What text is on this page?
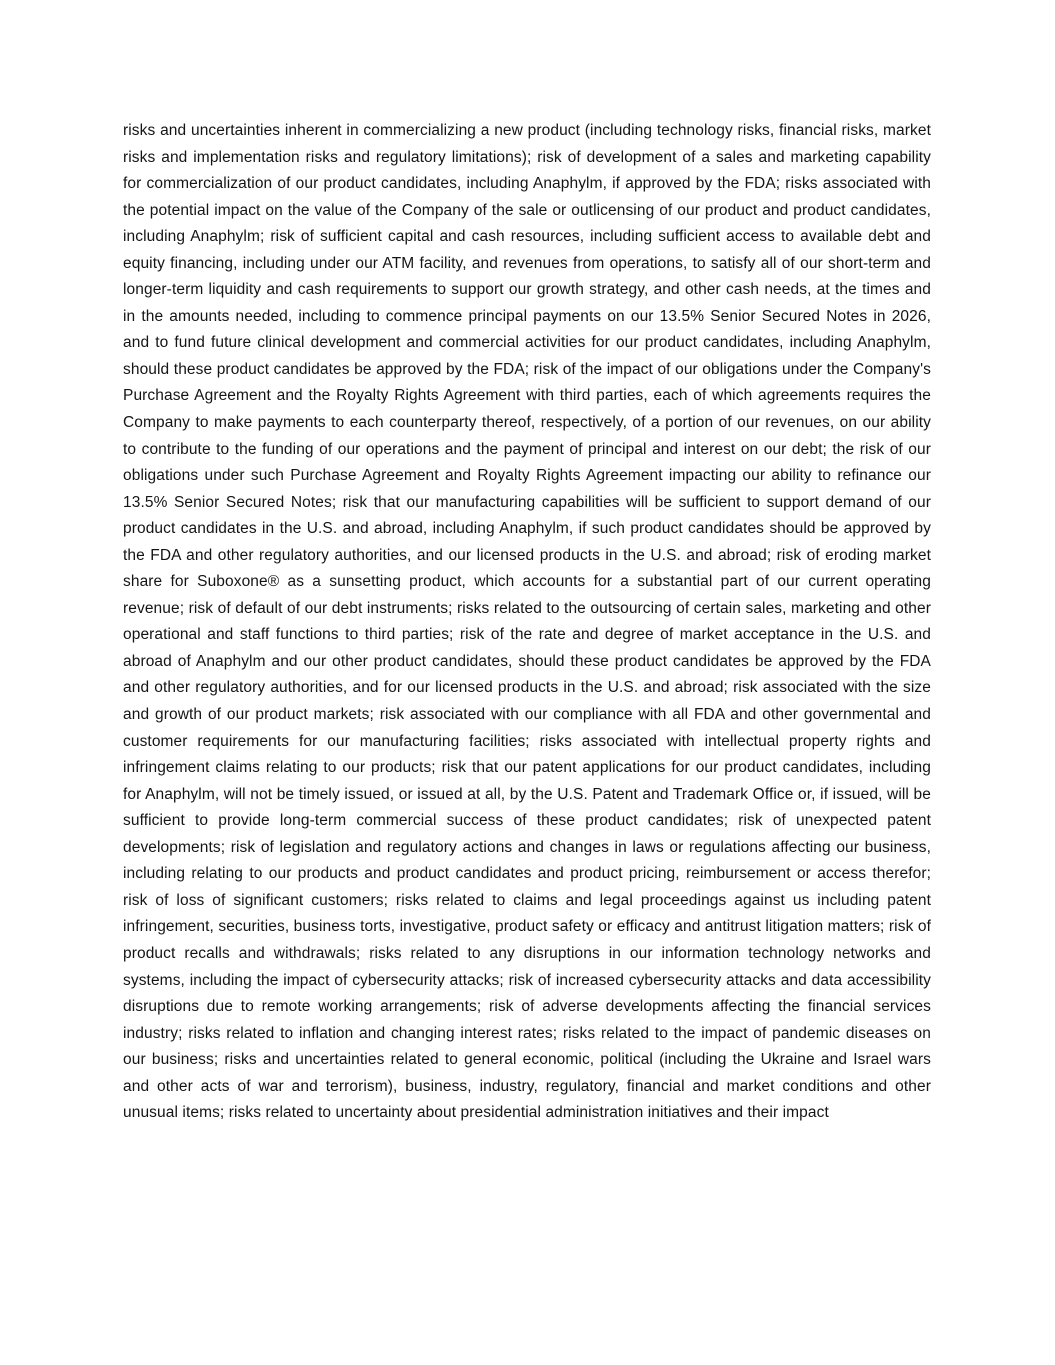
risks and uncertainties inherent in commercializing a new product (including technology risks, financial risks, market risks and implementation risks and regulatory limitations); risk of development of a sales and marketing capability for commercialization of our product candidates, including Anaphylm, if approved by the FDA; risks associated with the potential impact on the value of the Company of the sale or outlicensing of our product and product candidates, including Anaphylm; risk of sufficient capital and cash resources, including sufficient access to available debt and equity financing, including under our ATM facility, and revenues from operations, to satisfy all of our short-term and longer-term liquidity and cash requirements to support our growth strategy, and other cash needs, at the times and in the amounts needed, including to commence principal payments on our 13.5% Senior Secured Notes in 2026, and to fund future clinical development and commercial activities for our product candidates, including Anaphylm, should these product candidates be approved by the FDA; risk of the impact of our obligations under the Company's Purchase Agreement and the Royalty Rights Agreement with third parties, each of which agreements requires the Company to make payments to each counterparty thereof, respectively, of a portion of our revenues, on our ability to contribute to the funding of our operations and the payment of principal and interest on our debt; the risk of our obligations under such Purchase Agreement and Royalty Rights Agreement impacting our ability to refinance our 13.5% Senior Secured Notes; risk that our manufacturing capabilities will be sufficient to support demand of our product candidates in the U.S. and abroad, including Anaphylm, if such product candidates should be approved by the FDA and other regulatory authorities, and our licensed products in the U.S. and abroad; risk of eroding market share for Suboxone® as a sunsetting product, which accounts for a substantial part of our current operating revenue; risk of default of our debt instruments; risks related to the outsourcing of certain sales, marketing and other operational and staff functions to third parties; risk of the rate and degree of market acceptance in the U.S. and abroad of Anaphylm and our other product candidates, should these product candidates be approved by the FDA and other regulatory authorities, and for our licensed products in the U.S. and abroad; risk associated with the size and growth of our product markets; risk associated with our compliance with all FDA and other governmental and customer requirements for our manufacturing facilities; risks associated with intellectual property rights and infringement claims relating to our products; risk that our patent applications for our product candidates, including for Anaphylm, will not be timely issued, or issued at all, by the U.S. Patent and Trademark Office or, if issued, will be sufficient to provide long-term commercial success of these product candidates; risk of unexpected patent developments; risk of legislation and regulatory actions and changes in laws or regulations affecting our business, including relating to our products and product candidates and product pricing, reimbursement or access therefor; risk of loss of significant customers; risks related to claims and legal proceedings against us including patent infringement, securities, business torts, investigative, product safety or efficacy and antitrust litigation matters; risk of product recalls and withdrawals; risks related to any disruptions in our information technology networks and systems, including the impact of cybersecurity attacks; risk of increased cybersecurity attacks and data accessibility disruptions due to remote working arrangements; risk of adverse developments affecting the financial services industry; risks related to inflation and changing interest rates; risks related to the impact of pandemic diseases on our business; risks and uncertainties related to general economic, political (including the Ukraine and Israel wars and other acts of war and terrorism), business, industry, regulatory, financial and market conditions and other unusual items; risks related to uncertainty about presidential administration initiatives and their impact
